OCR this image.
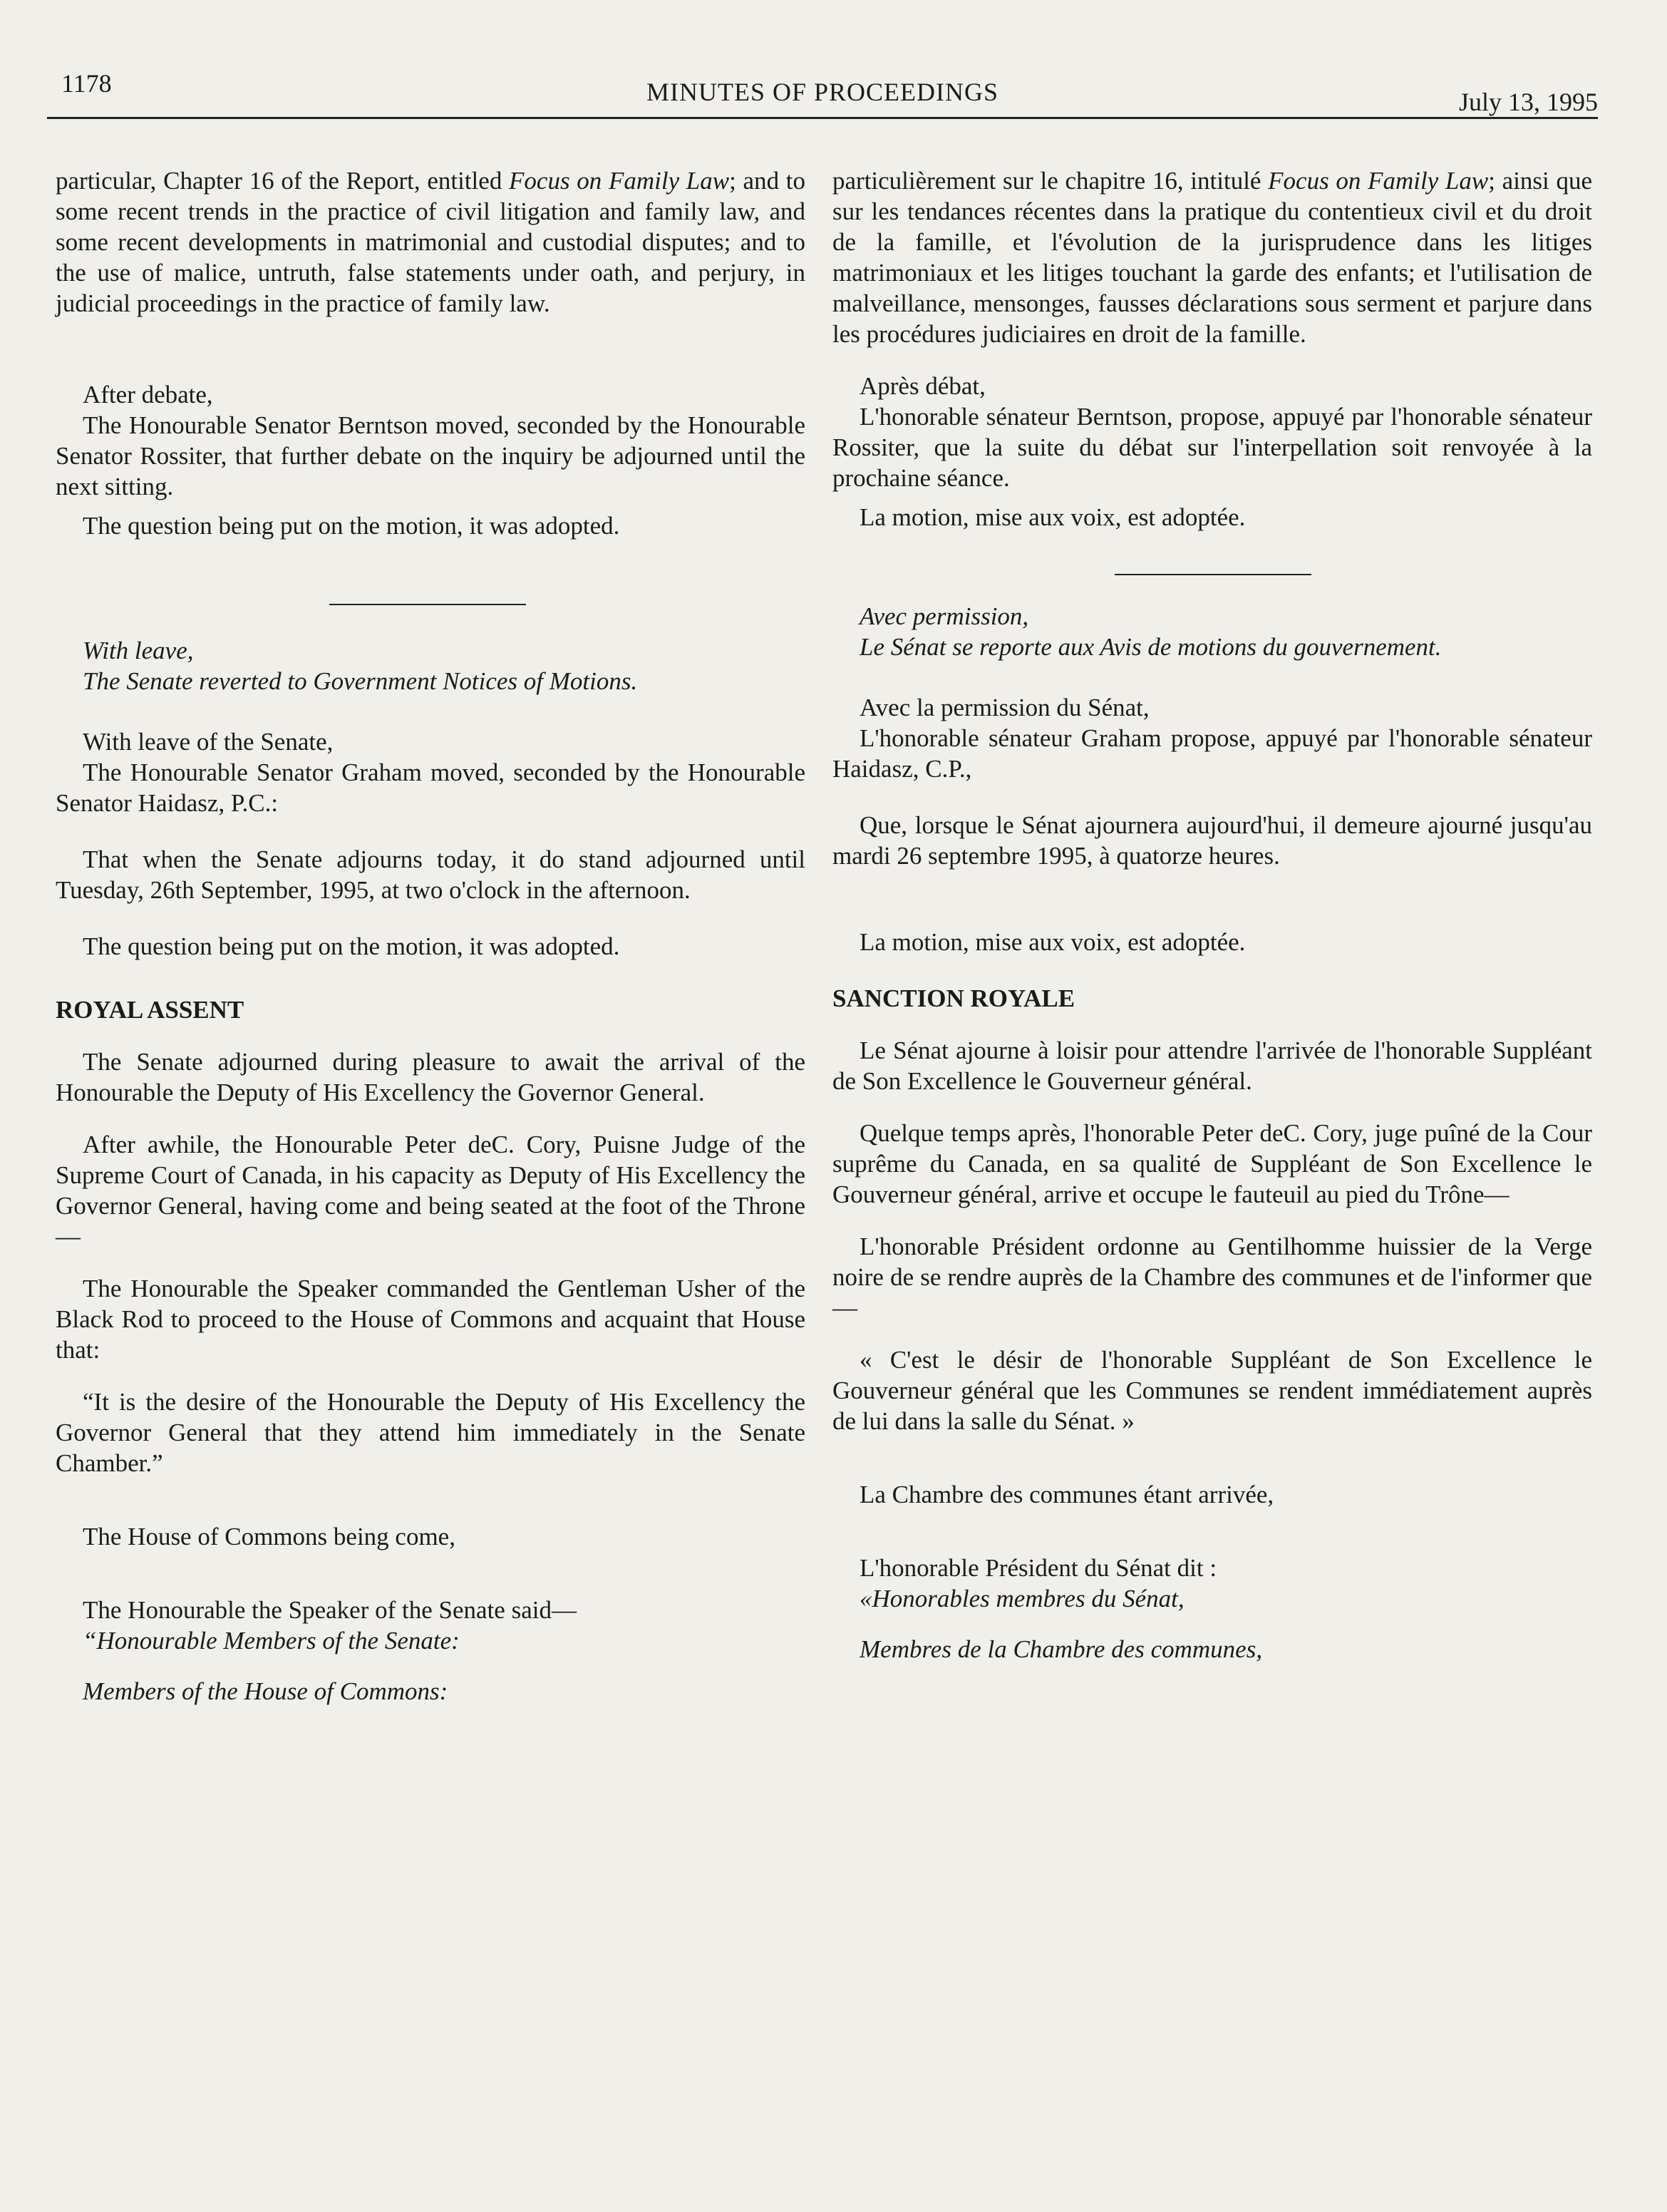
1178	MINUTES OF PROCEEDINGS	July 13, 1995

particular, Chapter 16 of the Report, entitled Focus on Family Law; and to some recent trends in the practice of civil litigation and family law, and some recent developments in matrimonial and custodial disputes; and to the use of malice, untruth, false statements under oath, and perjury, in judicial proceedings in the practice of family law.

After debate,

The Honourable Senator Berntson moved, seconded by the Honourable Senator Rossiter, that further debate on the inquiry be adjourned until the next sitting.

The question being put on the motion, it was adopted.

With leave,

The Senate reverted to Government Notices of Motions.

With leave of the Senate,

The Honourable Senator Graham moved, seconded by the Honourable Senator Haidasz, P.C.:

That when the Senate adjourns today, it do stand adjourned until Tuesday, 26th September, 1995, at two o'clock in the afternoon.

The question being put on the motion, it was adopted.

ROYAL ASSENT

The Senate adjourned during pleasure to await the arrival of the Honourable the Deputy of His Excellency the Governor General.

After awhile, the Honourable Peter deC. Cory, Puisne Judge of the Supreme Court of Canada, in his capacity as Deputy of His Excellency the Governor General, having come and being seated at the foot of the Throne—

The Honourable the Speaker commanded the Gentleman Usher of the Black Rod to proceed to the House of Commons and acquaint that House that:

“It is the desire of the Honourable the Deputy of His Excellency the Governor General that they attend him immediately in the Senate Chamber.”

The House of Commons being come,

The Honourable the Speaker of the Senate said—

“Honourable Members of the Senate:

Members of the House of Commons:

particulièrement sur le chapitre 16, intitulé Focus on Family Law; ainsi que sur les tendances récentes dans la pratique du contentieux civil et du droit de la famille, et l'évolution de la jurisprudence dans les litiges matrimoniaux et les litiges touchant la garde des enfants; et l'utilisation de malveillance, mensonges, fausses déclarations sous serment et parjure dans les procédures judiciaires en droit de la famille.

Après débat,

L'honorable sénateur Berntson, propose, appuyé par l'honorable sénateur Rossiter, que la suite du débat sur l'interpellation soit renvoyée à la prochaine séance.

La motion, mise aux voix, est adoptée.

Avec permission,

Le Sénat se reporte aux Avis de motions du gouvernement.

Avec la permission du Sénat,

L'honorable sénateur Graham propose, appuyé par l'honorable sénateur Haidasz, C.P.,

Que, lorsque le Sénat ajournera aujourd'hui, il demeure ajourné jusqu'au mardi 26 septembre 1995, à quatorze heures.

La motion, mise aux voix, est adoptée.

SANCTION ROYALE

Le Sénat ajourne à loisir pour attendre l'arrivée de l'honorable Suppléant de Son Excellence le Gouverneur général.

Quelque temps après, l'honorable Peter deC. Cory, juge puîné de la Cour suprême du Canada, en sa qualité de Suppléant de Son Excellence le Gouverneur général, arrive et occupe le fauteuil au pied du Trône—

L'honorable Président ordonne au Gentilhomme huissier de la Verge noire de se rendre auprès de la Chambre des communes et de l'informer que—

« C'est le désir de l'honorable Suppléant de Son Excellence le Gouverneur général que les Communes se rendent immédiatement auprès de lui dans la salle du Sénat. »

La Chambre des communes étant arrivée,

L'honorable Président du Sénat dit :

«Honorables membres du Sénat,

Membres de la Chambre des communes,
